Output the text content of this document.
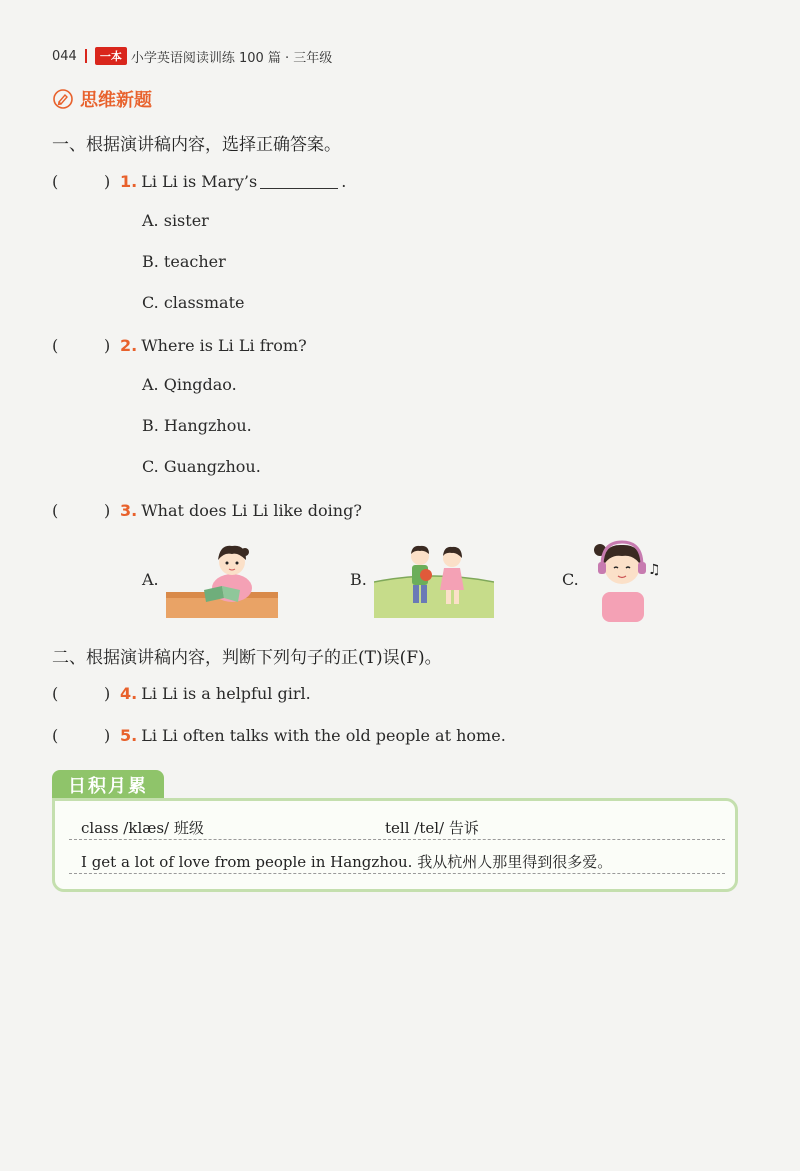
044	一本 小学英语阅读训练 100 篇 · 三年级
思维新题
一、根据演讲稿内容，选择正确答案。
(	) 1. Li Li is Mary’s	.
A. sister
B. teacher
C. classmate
(	) 2. Where is Li Li from?
A. Qingdao.
B. Hangzhou.
C. Guangzhou.
(	) 3. What does Li Li like doing?
A.	B.	C.	♫
二、根据演讲稿内容，判断下列句子的正(T)误(F)。
(	) 4. Li Li is a helpful girl.
(	) 5. Li Li often talks with the old people at home.
日积月累
class /klæs/ 班级	tell /tel/ 告诉
I get a lot of love from people in Hangzhou. 我从杭州人那里得到很多爱。
